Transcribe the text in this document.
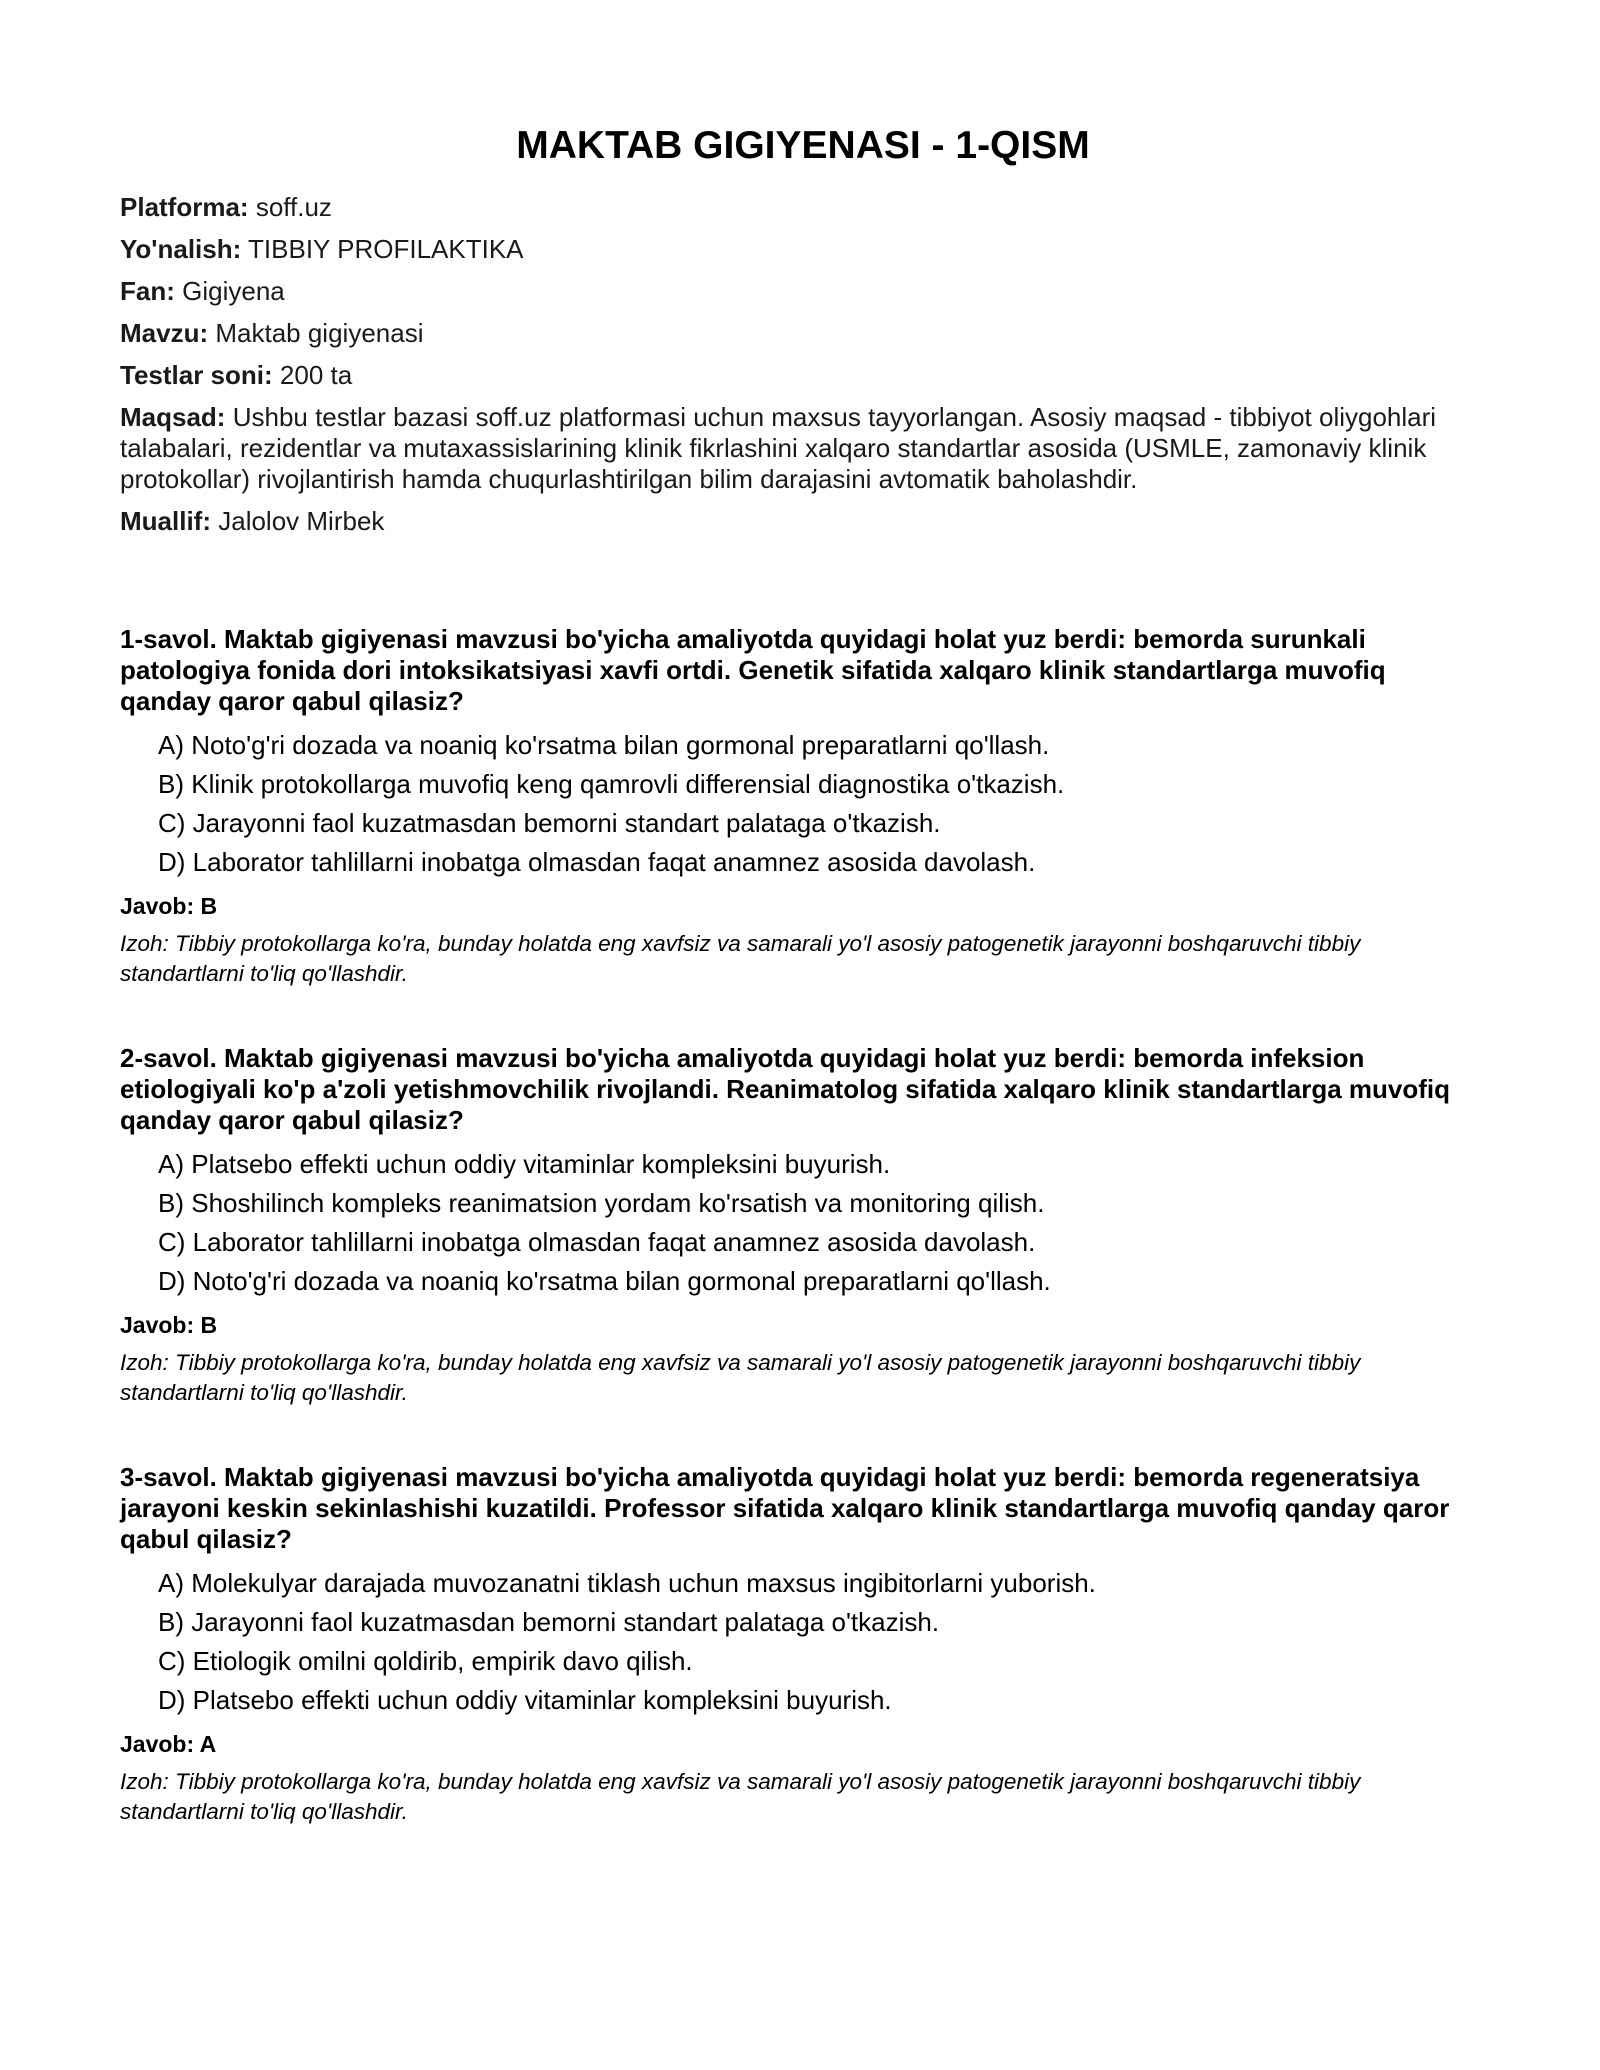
MAKTAB GIGIYENASI - 1-QISM
Platforma: soff.uz
Yo'nalish: TIBBIY PROFILAKTIKA
Fan: Gigiyena
Mavzu: Maktab gigiyenasi
Testlar soni: 200 ta
Maqsad: Ushbu testlar bazasi soff.uz platformasi uchun maxsus tayyorlangan. Asosiy maqsad - tibbiyot oliygohlari talabalari, rezidentlar va mutaxassislarining klinik fikrlashini xalqaro standartlar asosida (USMLE, zamonaviy klinik protokollar) rivojlantirish hamda chuqurlashtirilgan bilim darajasini avtomatik baholashdir.
Muallif: Jalolov Mirbek
1-savol. Maktab gigiyenasi mavzusi bo'yicha amaliyotda quyidagi holat yuz berdi: bemorda surunkali patologiya fonida dori intoksikatsiyasi xavfi ortdi. Genetik sifatida xalqaro klinik standartlarga muvofiq qanday qaror qabul qilasiz?
A) Noto'g'ri dozada va noaniq ko'rsatma bilan gormonal preparatlarni qo'llash.
B) Klinik protokollarga muvofiq keng qamrovli differensial diagnostika o'tkazish.
C) Jarayonni faol kuzatmasdan bemorni standart palataga o'tkazish.
D) Laborator tahlillarni inobatga olmasdan faqat anamnez asosida davolash.
Javob: B
Izoh: Tibbiy protokollarga ko'ra, bunday holatda eng xavfsiz va samarali yo'l asosiy patogenetik jarayonni boshqaruvchi tibbiy standartlarni to'liq qo'llashdir.
2-savol. Maktab gigiyenasi mavzusi bo'yicha amaliyotda quyidagi holat yuz berdi: bemorda infeksion etiologiyali ko'p a'zoli yetishmovchilik rivojlandi. Reanimatolog sifatida xalqaro klinik standartlarga muvofiq qanday qaror qabul qilasiz?
A) Platsebo effekti uchun oddiy vitaminlar kompleksini buyurish.
B) Shoshilinch kompleks reanimatsion yordam ko'rsatish va monitoring qilish.
C) Laborator tahlillarni inobatga olmasdan faqat anamnez asosida davolash.
D) Noto'g'ri dozada va noaniq ko'rsatma bilan gormonal preparatlarni qo'llash.
Javob: B
Izoh: Tibbiy protokollarga ko'ra, bunday holatda eng xavfsiz va samarali yo'l asosiy patogenetik jarayonni boshqaruvchi tibbiy standartlarni to'liq qo'llashdir.
3-savol. Maktab gigiyenasi mavzusi bo'yicha amaliyotda quyidagi holat yuz berdi: bemorda regeneratsiya jarayoni keskin sekinlashishi kuzatildi. Professor sifatida xalqaro klinik standartlarga muvofiq qanday qaror qabul qilasiz?
A) Molekulyar darajada muvozanatni tiklash uchun maxsus ingibitorlarni yuborish.
B) Jarayonni faol kuzatmasdan bemorni standart palataga o'tkazish.
C) Etiologik omilni qoldirib, empirik davo qilish.
D) Platsebo effekti uchun oddiy vitaminlar kompleksini buyurish.
Javob: A
Izoh: Tibbiy protokollarga ko'ra, bunday holatda eng xavfsiz va samarali yo'l asosiy patogenetik jarayonni boshqaruvchi tibbiy standartlarni to'liq qo'llashdir.
